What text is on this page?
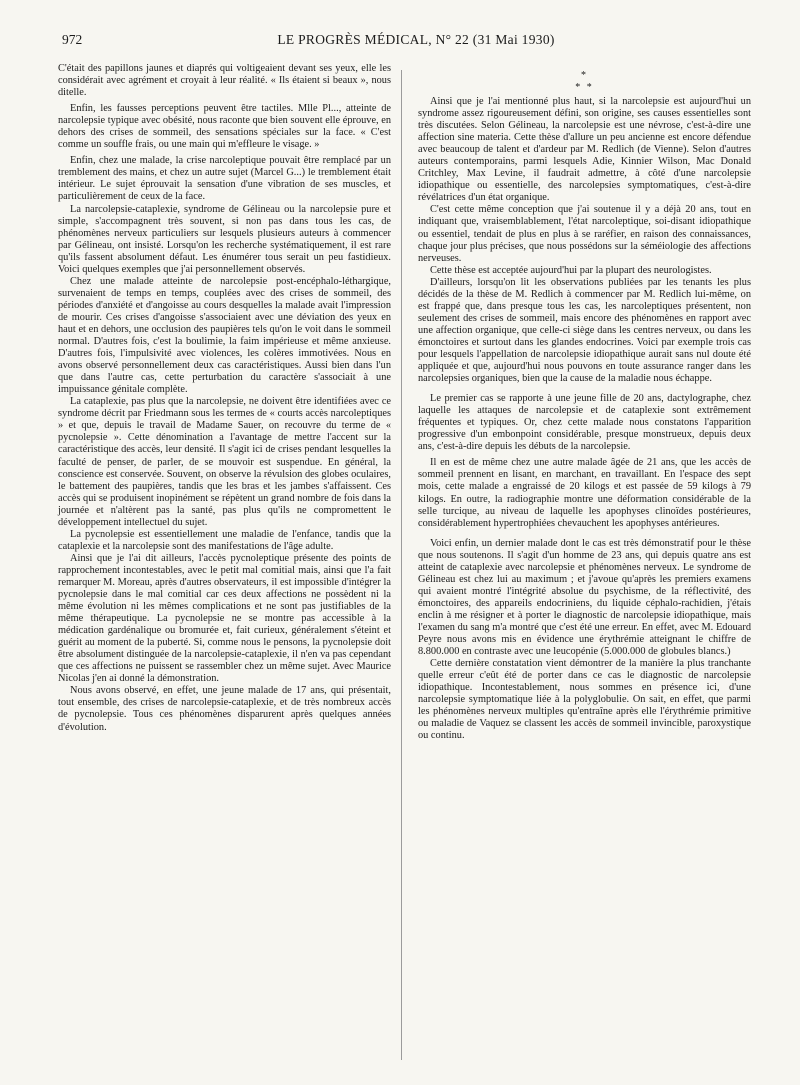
972	LE PROGRÈS MÉDICAL, N° 22 (31 Mai 1930)

C'était des papillons jaunes et diaprés qui voltigeaient devant ses yeux, elle les considérait avec agrément et croyait à leur réalité. « Ils étaient si beaux », nous ditelle.

Enfin, les fausses perceptions peuvent être tactiles. Mlle Pl..., atteinte de narcolepsie typique avec obésité, nous raconte que bien souvent elle éprouve, en dehors des crises de sommeil, des sensations spéciales sur la face. « C'est comme un souffle frais, ou une main qui m'effleure le visage. »

Enfin, chez une malade, la crise narcoleptique pouvait être remplacé par un tremblement des mains, et chez un autre sujet (Marcel G...) le tremblement était intérieur. Le sujet éprouvait la sensation d'une vibration de ses muscles, et particulièrement de ceux de la face.

La narcolepsie-cataplexie, syndrome de Gélineau ou la narcolepsie pure et simple, s'accompagnent très souvent, si non pas dans tous les cas, de phénomènes nerveux particuliers sur lesquels plusieurs auteurs à commencer par Gélineau, ont insisté. Lorsqu'on les recherche systématiquement, il est rare qu'ils fassent absolument défaut. Les énumérer tous serait un peu fastidieux. Voici quelques exemples que j'ai personnellement observés.

Chez une malade atteinte de narcolepsie post-encéphalo-léthargique, survenaient de temps en temps, couplées avec des crises de sommeil, des périodes d'anxiété et d'angoisse au cours desquelles la malade avait l'impression de mourir. Ces crises d'angoisse s'associaient avec une déviation des yeux en haut et en dehors, une occlusion des paupières tels qu'on le voit dans le sommeil normal. D'autres fois, c'est la boulimie, la faim impérieuse et même anxieuse. D'autres fois, l'impulsivité avec violences, les colères immotivées. Nous en avons observé personnellement deux cas caractéristiques. Aussi bien dans l'un que dans l'autre cas, cette perturbation du caractère s'associait à une impuissance génitale complète.

La cataplexie, pas plus que la narcolepsie, ne doivent être identifiées avec ce syndrome décrit par Friedmann sous les termes de « courts accès narcoleptiques » et que, depuis le travail de Madame Sauer, on recouvre du terme de « pycnolepsie ». Cette dénomination a l'avantage de mettre l'accent sur la caractéristique des accès, leur densité. Il s'agit ici de crises pendant lesquelles la faculté de penser, de parler, de se mouvoir est suspendue. En général, la conscience est conservée. Souvent, on observe la révulsion des globes oculaires, le battement des paupières, tandis que les bras et les jambes s'affaissent. Ces accès qui se produisent inopinément se répètent un grand nombre de fois dans la journée et n'altèrent pas la santé, pas plus qu'ils ne compromettent le développement intellectuel du sujet.

La pycnolepsie est essentiellement une maladie de l'enfance, tandis que la cataplexie et la narcolepsie sont des manifestations de l'âge adulte.

Ainsi que je l'ai dit ailleurs, l'accès pycnoleptique présente des points de rapprochement incontestables, avec le petit mal comitial mais, ainsi que l'a fait remarquer M. Moreau, après d'autres observateurs, il est impossible d'intégrer la pycnolepsie dans le mal comitial car ces deux affections ne possèdent ni la même évolution ni les mêmes complications et ne sont pas justifiables de la même thérapeutique. La pycnolepsie ne se montre pas accessible à la médication gardénalique ou bromurée et, fait curieux, généralement s'éteint et guérit au moment de la puberté. Si, comme nous le pensons, la pycnolepsie doit être absolument distinguée de la narcolepsie-cataplexie, il n'en va pas cependant que ces affections ne puissent se rassembler chez un même sujet. Avec Maurice Nicolas j'en ai donné la démonstration.

Nous avons observé, en effet, une jeune malade de 17 ans, qui présentait, tout ensemble, des crises de narcolepsie-cataplexie, et de très nombreux accès de pycnolepsie. Tous ces phénomènes disparurent après quelques années d'évolution.

*
* *

Ainsi que je l'ai mentionné plus haut, si la narcolepsie est aujourd'hui un syndrome assez rigoureusement défini, son origine, ses causes essentielles sont très discutées. Selon Gélineau, la narcolepsie est une névrose, c'est-à-dire une affection sine materia. Cette thèse d'allure un peu ancienne est encore défendue avec beaucoup de talent et d'ardeur par M. Redlich (de Vienne). Selon d'autres auteurs contemporains, parmi lesquels Adie, Kinnier Wilson, Mac Donald Critchley, Max Levine, il faudrait admettre, à côté d'une narcolepsie idiopathique ou essentielle, des narcolepsies symptomatiques, c'est-à-dire révélatrices d'un état organique.

C'est cette même conception que j'ai soutenue il y a déjà 20 ans, tout en indiquant que, vraisemblablement, l'état narcoleptique, soi-disant idiopathique ou essentiel, tendait de plus en plus à se raréfier, en raison des connaissances, chaque jour plus précises, que nous possédons sur la séméiologie des affections nerveuses.

Cette thèse est acceptée aujourd'hui par la plupart des neurologistes.

D'ailleurs, lorsqu'on lit les observations publiées par les tenants les plus décidés de la thèse de M. Redlich à commencer par M. Redlich lui-même, on est frappé que, dans presque tous les cas, les narcoleptiques présentent, non seulement des crises de sommeil, mais encore des phénomènes en rapport avec une affection organique, que celle-ci siège dans les centres nerveux, ou dans les émonctoires et surtout dans les glandes endocrines. Voici par exemple trois cas pour lesquels l'appellation de narcolepsie idiopathique aurait sans nul doute été appliquée et que, aujourd'hui nous pouvons en toute assurance ranger dans les narcolepsies organiques, bien que la cause de la maladie nous échappe.

Le premier cas se rapporte à une jeune fille de 20 ans, dactylographe, chez laquelle les attaques de narcolepsie et de cataplexie sont extrêmement fréquentes et typiques. Or, chez cette malade nous constatons l'apparition progressive d'un embonpoint considérable, presque monstrueux, depuis deux ans, c'est-à-dire depuis les débuts de la narcolepsie.

Il en est de même chez une autre malade âgée de 21 ans, que les accès de sommeil prennent en lisant, en marchant, en travaillant. En l'espace des sept mois, cette malade a engraissé de 20 kilogs et est passée de 59 kilogs à 79 kilogs. En outre, la radiographie montre une déformation considérable de la selle turcique, au niveau de laquelle les apophyses clinoïdes postérieures, considérablement hypertrophiées chevauchent les apophyses antérieures.

Voici enfin, un dernier malade dont le cas est très démonstratif pour le thèse que nous soutenons. Il s'agit d'un homme de 23 ans, qui depuis quatre ans est atteint de cataplexie avec narcolepsie et phénomènes nerveux. Le syndrome de Gélineau est chez lui au maximum ; et j'avoue qu'après les premiers examens qui avaient montré l'intégrité absolue du psychisme, de la réflectivité, des émonctoires, des appareils endocriniens, du liquide céphalo-rachidien, j'étais enclin à me résigner et à porter le diagnostic de narcolepsie idiopathique, mais l'examen du sang m'a montré que c'est été une erreur. En effet, avec M. Edouard Peyre nous avons mis en évidence une érythrémie atteignant le chiffre de 8.800.000 en contraste avec une leucopénie (5.000.000 de globules blancs.)

Cette dernière constatation vient démontrer de la manière la plus tranchante quelle erreur c'eût été de porter dans ce cas le diagnostic de narcolepsie idiopathique. Incontestablement, nous sommes en présence ici, d'une narcolepsie symptomatique liée à la polyglobulie. On sait, en effet, que parmi les phénomènes nerveux multiples qu'entraîne après elle l'érythrémie primitive ou maladie de Vaquez se classent les accès de sommeil invincible, paroxystique ou continu.
